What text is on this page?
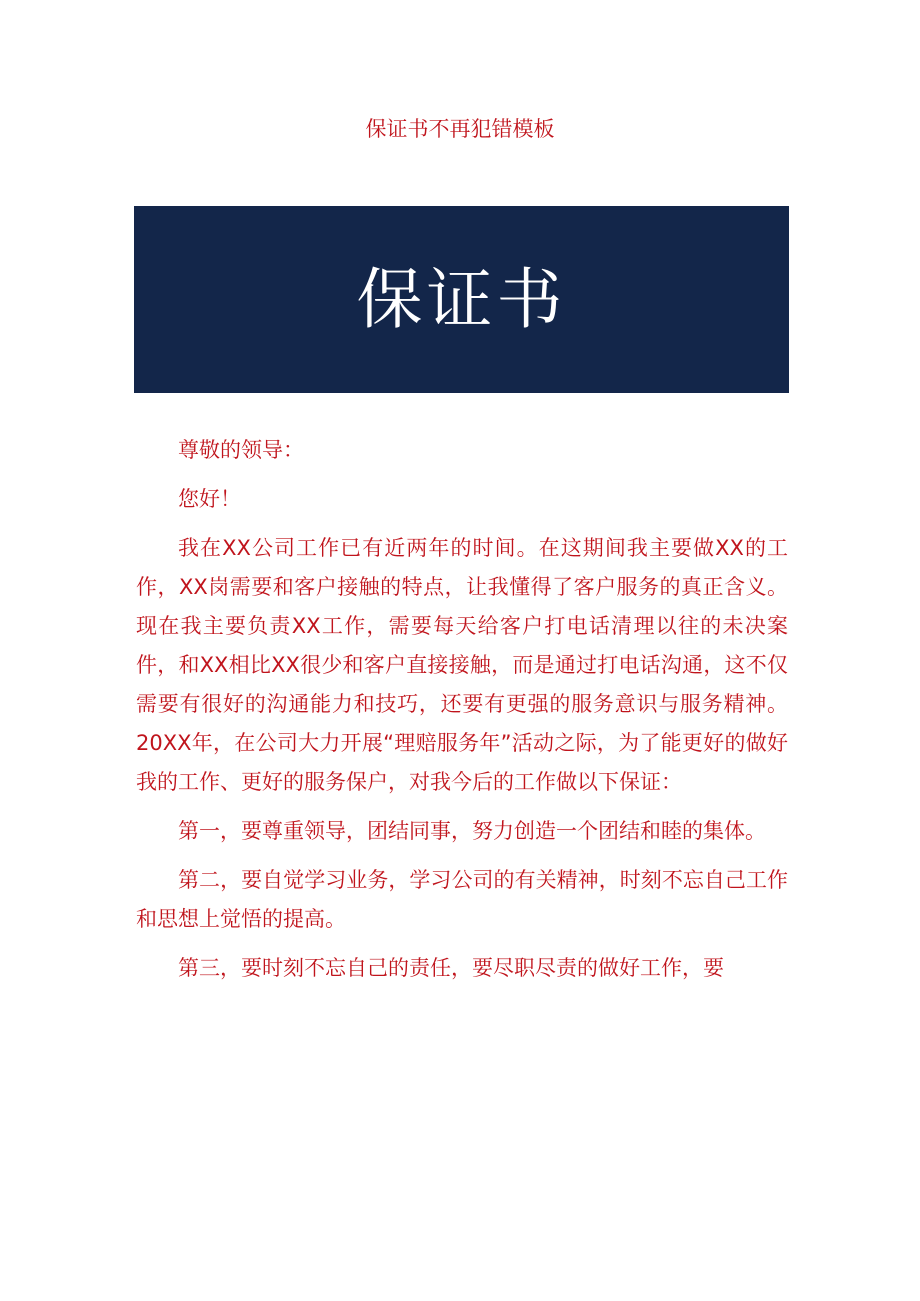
保证书不再犯错模板
保证书

尊敬的领导：

您好！

我在XX公司工作已有近两年的时间。在这期间我主要做XX的工作，XX岗需要和客户接触的特点，让我懂得了客户服务的真正含义。现在我主要负责XX工作，需要每天给客户打电话清理以往的未决案件，和XX相比XX很少和客户直接接触，而是通过打电话沟通，这不仅需要有很好的沟通能力和技巧，还要有更强的服务意识与服务精神。20XX年，在公司大力开展“理赔服务年”活动之际，为了能更好的做好我的工作、更好的服务保户，对我今后的工作做以下保证：

第一，要尊重领导，团结同事，努力创造一个团结和睦的集体。

第二，要自觉学习业务，学习公司的有关精神，时刻不忘自己工作和思想上觉悟的提高。

第三，要时刻不忘自己的责任，要尽职尽责的做好工作，要
